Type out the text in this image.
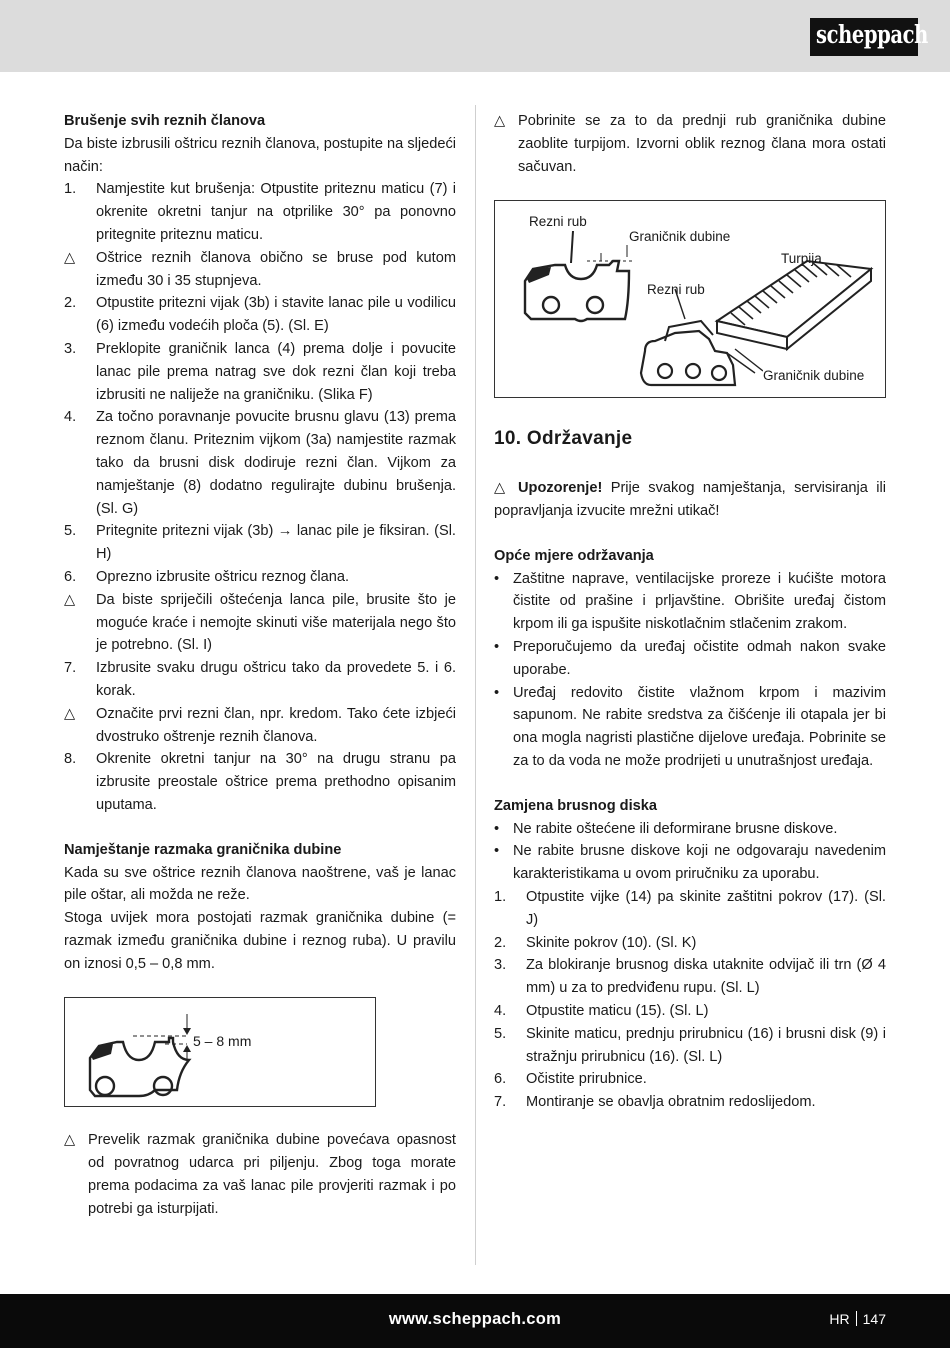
scheppach

Brušenje svih reznih članova

Da biste izbrusili oštricu reznih članova, postupite na sljedeći način:

1. Namjestite kut brušenja: Otpustite priteznu maticu (7) i okrenite okretni tanjur na otprilike 30° pa ponovno pritegnite priteznu maticu.
△ Oštrice reznih članova obično se bruse pod kutom između 30 i 35 stupnjeva.
2. Otpustite pritezni vijak (3b) i stavite lanac pile u vodilicu (6) između vodećih ploča (5). (Sl. E)
3. Preklopite graničnik lanca (4) prema dolje i povucite lanac pile prema natrag sve dok rezni član koji treba izbrusiti ne naliježe na graničniku. (Slika F)
4. Za točno poravnanje povucite brusnu glavu (13) prema reznom članu. Priteznim vijkom (3a) namjestite razmak tako da brusni disk dodiruje rezni član. Vijkom za namještanje (8) dodatno regulirajte dubinu brušenja. (Sl. G)
5. Pritegnite pritezni vijak (3b) → lanac pile je fiksiran. (Sl. H)
6. Oprezno izbrusite oštricu reznog člana.
△ Da biste spriječili oštećenja lanca pile, brusite što je moguće kraće i nemojte skinuti više materijala nego što je potrebno. (Sl. I)
7. Izbrusite svaku drugu oštricu tako da provedete 5. i 6. korak.
△ Označite prvi rezni član, npr. kredom. Tako ćete izbjeći dvostruko oštrenje reznih članova.
8. Okrenite okretni tanjur na 30° na drugu stranu pa izbrusite preostale oštrice prema prethodno opisanim uputama.

Namještanje razmaka graničnika dubine

Kada su sve oštrice reznih članova naoštrene, vaš je lanac pile oštar, ali možda ne reže.

Stoga uvijek mora postojati razmak graničnika dubine (= razmak između graničnika dubine i reznog ruba). U pravilu on iznosi 0,5 – 0,8 mm.

5 – 8 mm
△ Prevelik razmak graničnika dubine povećava opasnost od povratnog udarca pri piljenju. Zbog toga morate prema podacima za vaš lanac pile provjeriti razmak i po potrebi ga isturpijati.
△ Pobrinite se za to da prednji rub graničnika dubine zaoblite turpijom. Izvorni oblik reznog člana mora ostati sačuvan.
Rezni rub
Graničnik dubine
Turpija
Rezni rub
Graničnik dubine

10. Održavanje

△ Upozorenje! Prije svakog namještanja, servisiranja ili popravljanja izvucite mrežni utikač!

Opće mjere održavanja

• Zaštitne naprave, ventilacijske proreze i kućište motora čistite od prašine i prljavštine. Obrišite uređaj čistom krpom ili ga ispušite niskotlačnim stlačenim zrakom.
• Preporučujemo da uređaj očistite odmah nakon svake uporabe.
• Uređaj redovito čistite vlažnom krpom i mazivim sapunom. Ne rabite sredstva za čišćenje ili otapala jer bi ona mogla nagristi plastične dijelove uređaja. Pobrinite se za to da voda ne može prodrijeti u unutrašnjost uređaja.

Zamjena brusnog diska

• Ne rabite oštećene ili deformirane brusne diskove.
• Ne rabite brusne diskove koji ne odgovaraju navedenim karakteristikama u ovom priručniku za uporabu.
1. Otpustite vijke (14) pa skinite zaštitni pokrov (17). (Sl. J)
2. Skinite pokrov (10). (Sl. K)
3. Za blokiranje brusnog diska utaknite odvijač ili trn (Ø 4 mm) u za to predviđenu rupu. (Sl. L)
4. Otpustite maticu (15). (Sl. L)
5. Skinite maticu, prednju prirubnicu (16) i brusni disk (9) i stražnju prirubnicu (16). (Sl. L)
6. Očistite prirubnice.
7. Montiranje se obavlja obratnim redoslijedom.
www.scheppach.com	HR 147
